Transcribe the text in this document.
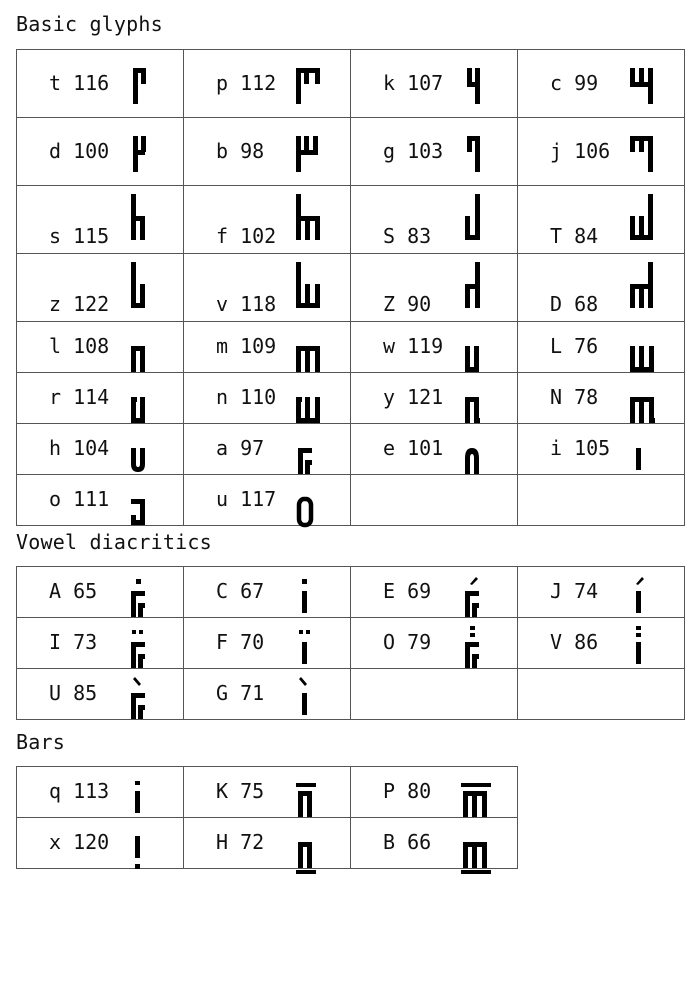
Basic glyphs
t 116	p 112	k 107	c 99

d 100	b 98	g 103	j 106

s 115	f 102	S 83	T 84

z 122	v 118	Z 90	D 68

l 108	m 109	w 119	L 76

r 114	n 110	y 121	N 78

h 104	a 97	e 101	i 105

o 111	u 117		

Vowel diacritics
A 65	C 67	E 69	J 74

I 73	F 70	O 79	V 86

U 85	G 71		

Bars
q 113	K 75	P 80

x 120	H 72	B 66
